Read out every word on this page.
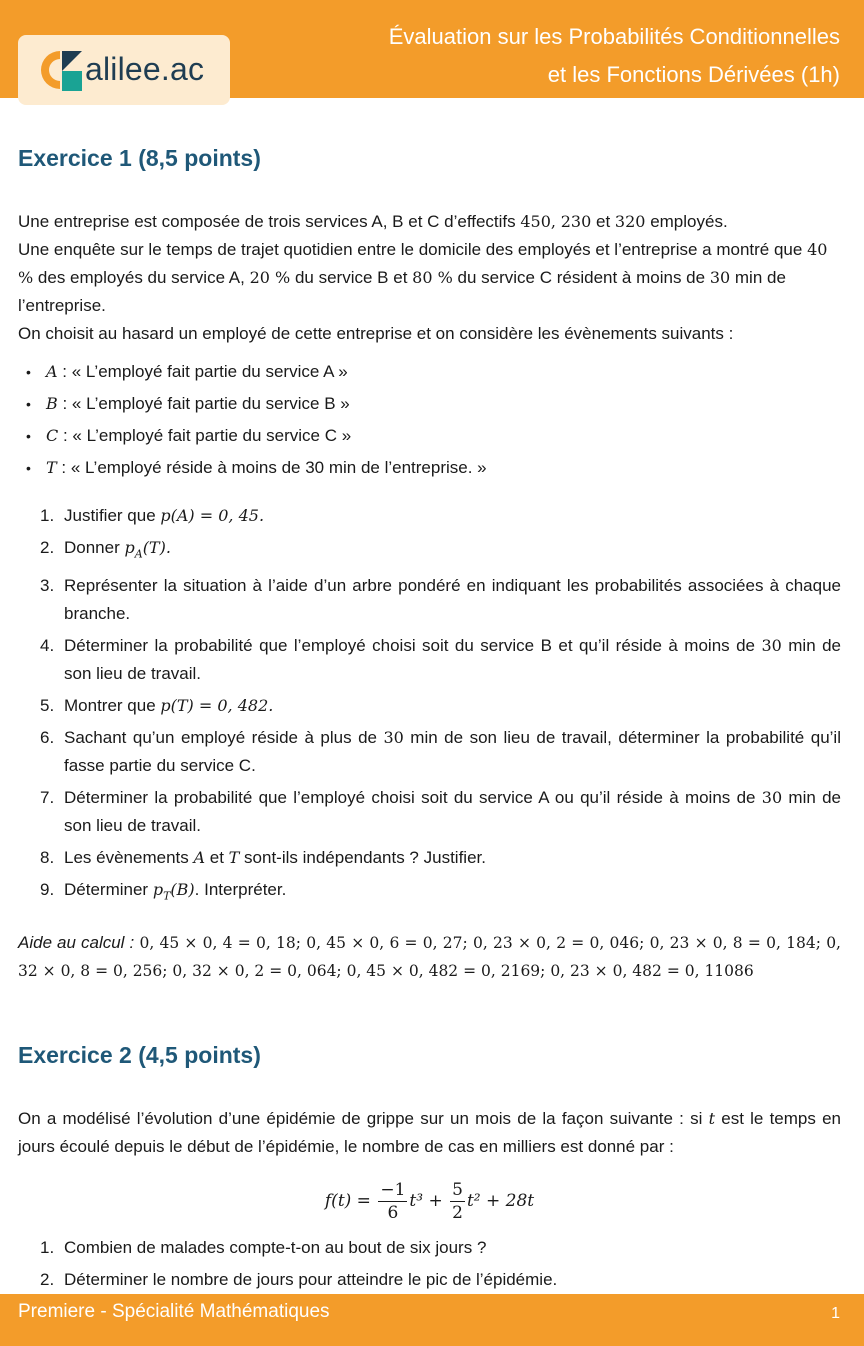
alilee.ac
Évaluation sur les Probabilités Conditionnelles
et les Fonctions Dérivées (1h)
Exercice 1 (8,5 points)

Une entreprise est composée de trois services A, B et C d’effectifs 450, 230 et 320 employés.

Une enquête sur le temps de trajet quotidien entre le domicile des employés et l’entreprise a montré que 40 % des employés du service A, 20 % du service B et 80 % du service C résident à moins de 30 min de l’entreprise.

On choisit au hasard un employé de cette entreprise et on considère les évènements suivants :

• A : « L’employé fait partie du service A »
• B : « L’employé fait partie du service B »
• C : « L’employé fait partie du service C »
• T : « L’employé réside à moins de 30 min de l’entreprise. »
1. Justifier que p(A) = 0, 45.
2. Donner $p_A(T)$.
3. Représenter la situation à l’aide d’un arbre pondéré en indiquant les probabilités associées à chaque branche.
4. Déterminer la probabilité que l’employé choisi soit du service B et qu’il réside à moins de 30 min de son lieu de travail.
5. Montrer que p(T) = 0, 482.
6. Sachant qu’un employé réside à plus de 30 min de son lieu de travail, déterminer la probabilité qu’il fasse partie du service C.
7. Déterminer la probabilité que l’employé choisi soit du service A ou qu’il réside à moins de 30 min de son lieu de travail.
8. Les évènements A et T sont-ils indépendants ? Justifier.
9. Déterminer $p_T(B)$. Interpréter.

Aide au calcul : 0, 45 × 0, 4 = 0, 18; 0, 45 × 0, 6 = 0, 27; 0, 23 × 0, 2 = 0, 046; 0, 23 × 0, 8 = 0, 184; 0, 32 × 0, 8 = 0, 256; 0, 32 × 0, 2 = 0, 064; 0, 45 × 0, 482 = 0, 2169; 0, 23 × 0, 482 = 0, 11086

Exercice 2 (4,5 points)

On a modélisé l’évolution d’une épidémie de grippe sur un mois de la façon suivante : si t est le temps en jours écoulé depuis le début de l’épidémie, le nombre de cas en milliers est donné par :

$f(t) = \frac{-1}{6} t^3 + \frac{5}{2} t^2 + 28t$
1. Combien de malades compte-t-on au bout de six jours ?
2. Déterminer le nombre de jours pour atteindre le pic de l’épidémie.
Premiere - Spécialité Mathématiques	1
